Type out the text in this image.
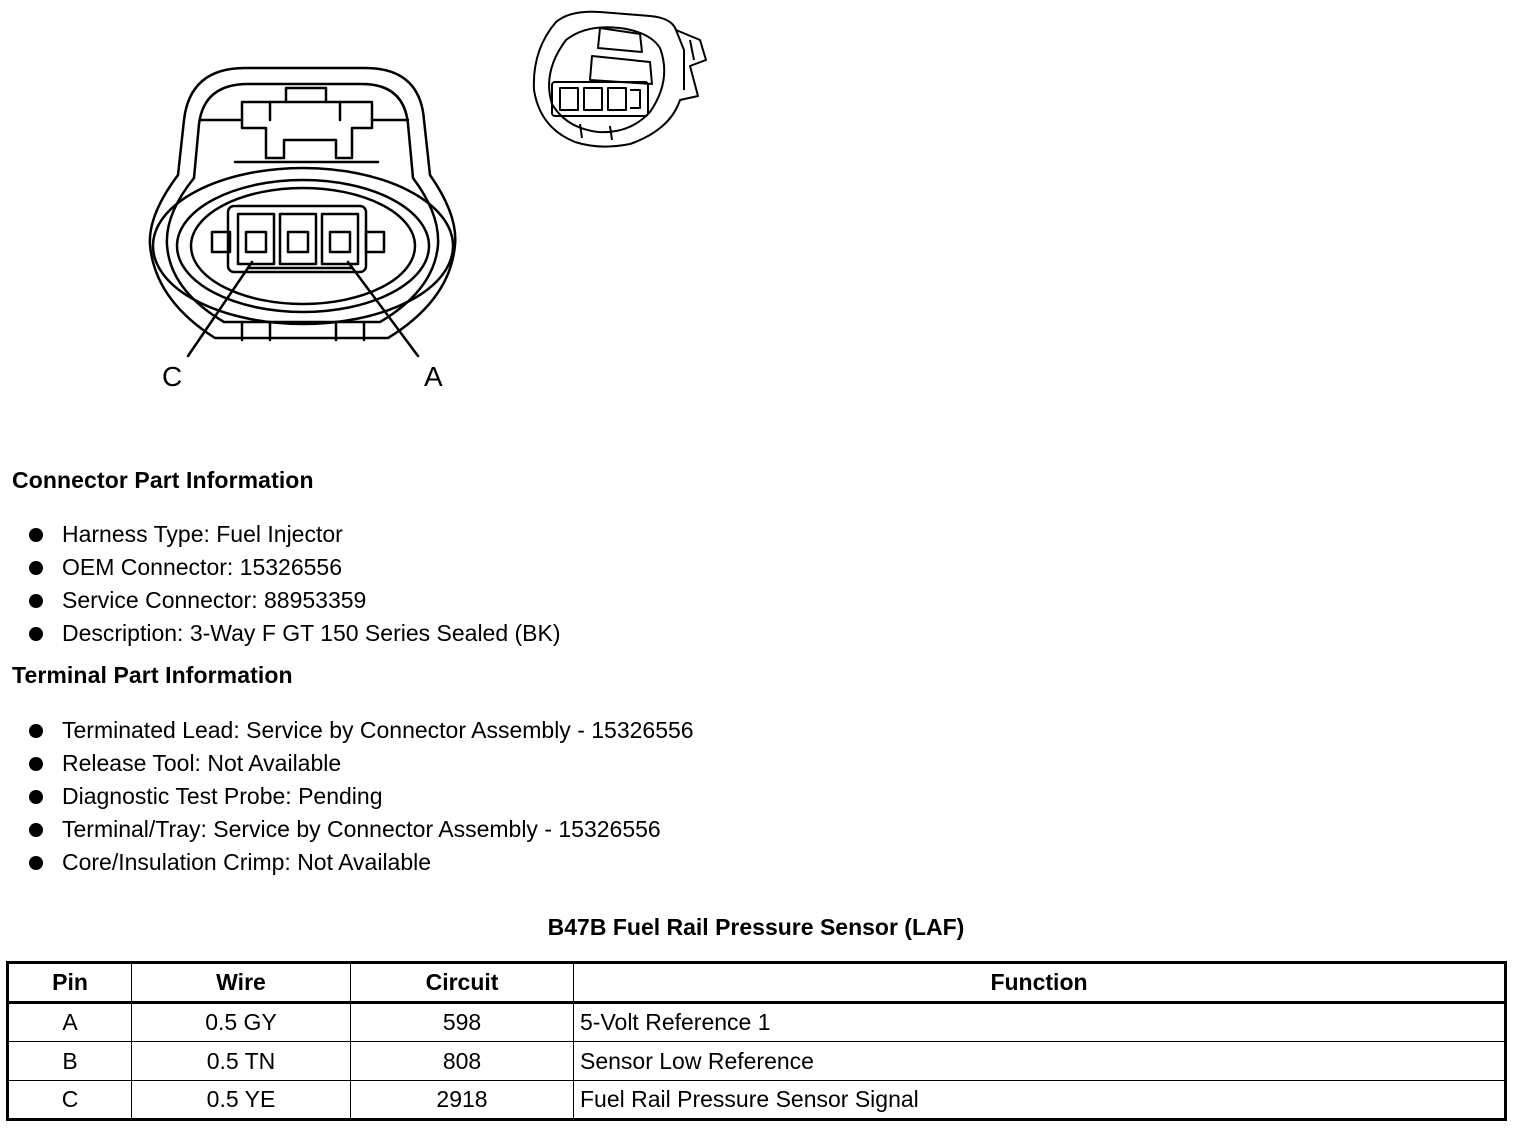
C	A
Connector Part Information
Harness Type: Fuel Injector
OEM Connector: 15326556
Service Connector: 88953359
Description: 3-Way F GT 150 Series Sealed (BK)
Terminal Part Information
Terminated Lead: Service by Connector Assembly - 15326556
Release Tool: Not Available
Diagnostic Test Probe: Pending
Terminal/Tray: Service by Connector Assembly - 15326556
Core/Insulation Crimp: Not Available
B47B Fuel Rail Pressure Sensor (LAF)
Pin	Wire	Circuit	Function
A	0.5 GY	598	5-Volt Reference 1
B	0.5 TN	808	Sensor Low Reference
C	0.5 YE	2918	Fuel Rail Pressure Sensor Signal
